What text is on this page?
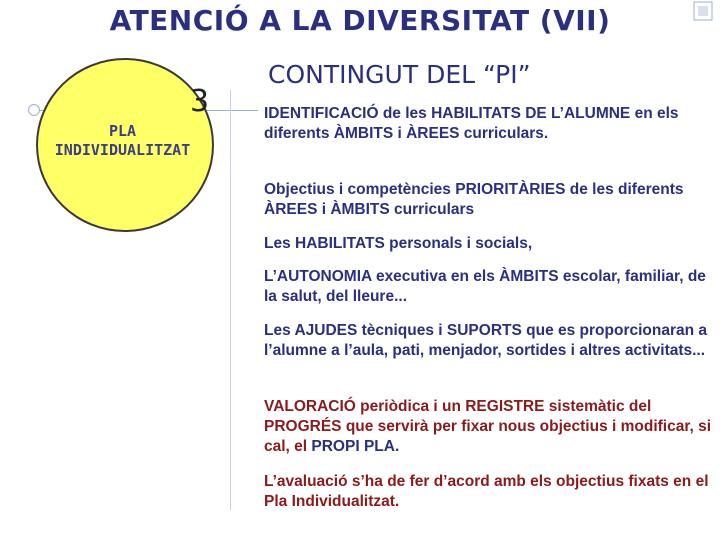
ATENCIÓ A LA DIVERSITAT (VII)
3
PLA
INDIVIDUALITZAT
CONTINGUT DEL “PI”
IDENTIFICACIÓ de les HABILITATS DE L’ALUMNE en els diferents ÀMBITS i ÀREES curriculars.
Objectius i competències PRIORITÀRIES de les diferents ÀREES i ÀMBITS curriculars
Les HABILITATS personals i socials,
L’AUTONOMIA executiva en els ÀMBITS escolar, familiar, de la salut, del lleure...
Les AJUDES tècniques i SUPORTS que es proporcionaran a l’alumne a l’aula, pati, menjador, sortides i altres activitats...
VALORACIÓ periòdica i un REGISTRE sistemàtic del PROGRÉS que servirà per fixar nous objectius i modificar, si cal, el PROPI PLA.
L’avaluació s’ha de fer d’acord amb els objectius fixats en el Pla Individualitzat.
